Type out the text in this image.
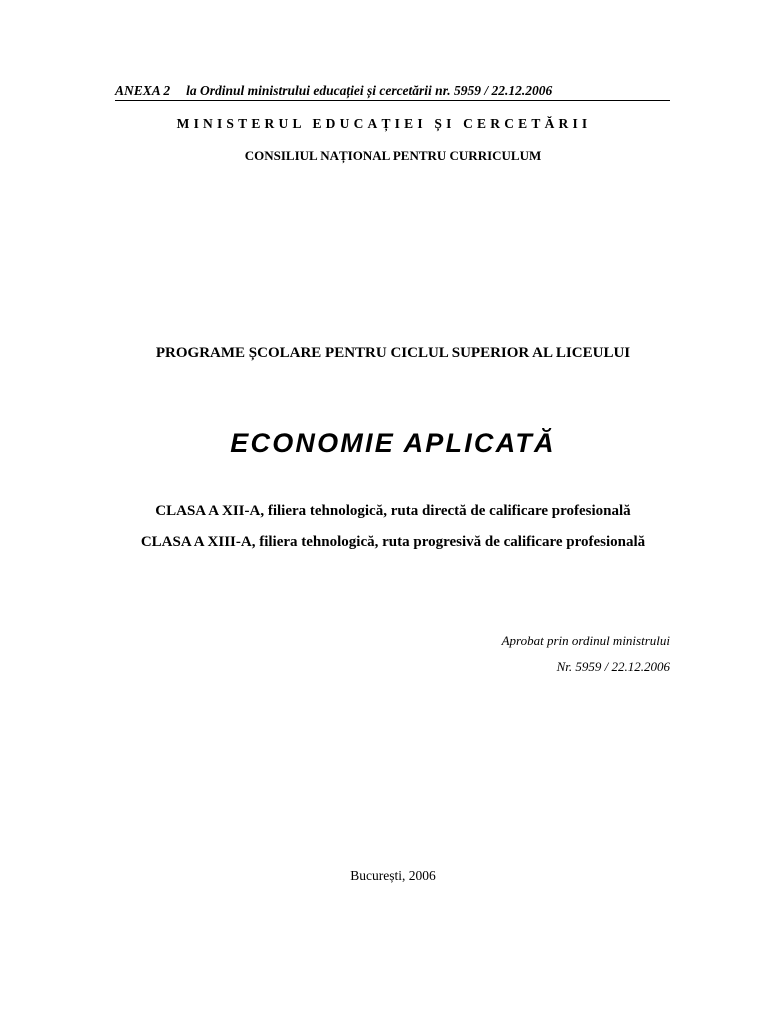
ANEXA 2 la Ordinul ministrului educației și cercetării nr. 5959 / 22.12.2006
MINISTERUL EDUCAȚIEI ȘI CERCETĂRII
CONSILIUL NAȚIONAL PENTRU CURRICULUM
PROGRAME ȘCOLARE PENTRU CICLUL SUPERIOR AL LICEULUI
ECONOMIE APLICATĂ
CLASA A XII-A, filiera tehnologică, ruta directă de calificare profesională
CLASA A XIII-A, filiera tehnologică, ruta progresivă de calificare profesională
Aprobat prin ordinul ministrului
Nr. 5959 / 22.12.2006
București, 2006
